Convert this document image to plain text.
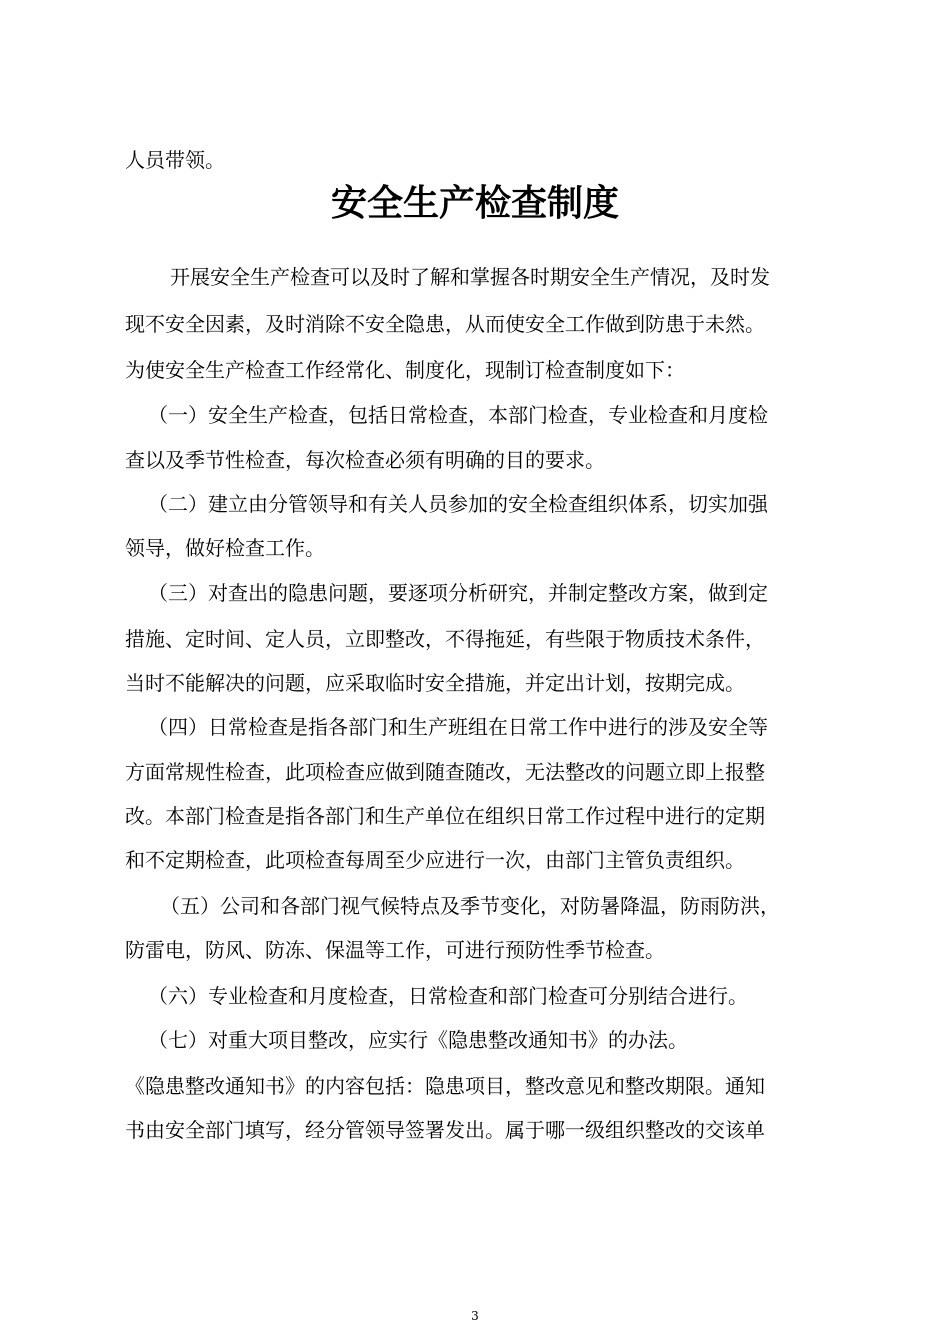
人员带领。

安全生产检查制度

开展安全生产检查可以及时了解和掌握各时期安全生产情况，及时发

现不安全因素，及时消除不安全隐患，从而使安全工作做到防患于未然。

为使安全生产检查工作经常化、制度化，现制订检查制度如下：

（一）安全生产检查，包括日常检查，本部门检查，专业检查和月度检

查以及季节性检查，每次检查必须有明确的目的要求。

（二）建立由分管领导和有关人员参加的安全检查组织体系，切实加强

领导，做好检查工作。

（三）对查出的隐患问题，要逐项分析研究，并制定整改方案，做到定

措施、定时间、定人员，立即整改，不得拖延，有些限于物质技术条件，

当时不能解决的问题，应采取临时安全措施，并定出计划，按期完成。

（四）日常检查是指各部门和生产班组在日常工作中进行的涉及安全等

方面常规性检查，此项检查应做到随查随改，无法整改的问题立即上报整

改。本部门检查是指各部门和生产单位在组织日常工作过程中进行的定期

和不定期检查，此项检查每周至少应进行一次，由部门主管负责组织。

（五）公司和各部门视气候特点及季节变化，对防暑降温，防雨防洪，

防雷电，防风、防冻、保温等工作，可进行预防性季节检查。

（六）专业检查和月度检查，日常检查和部门检查可分别结合进行。

（七）对重大项目整改，应实行《隐患整改通知书》的办法。

《隐患整改通知书》的内容包括：隐患项目，整改意见和整改期限。通知

书由安全部门填写，经分管领导签署发出。属于哪一级组织整改的交该单

3
